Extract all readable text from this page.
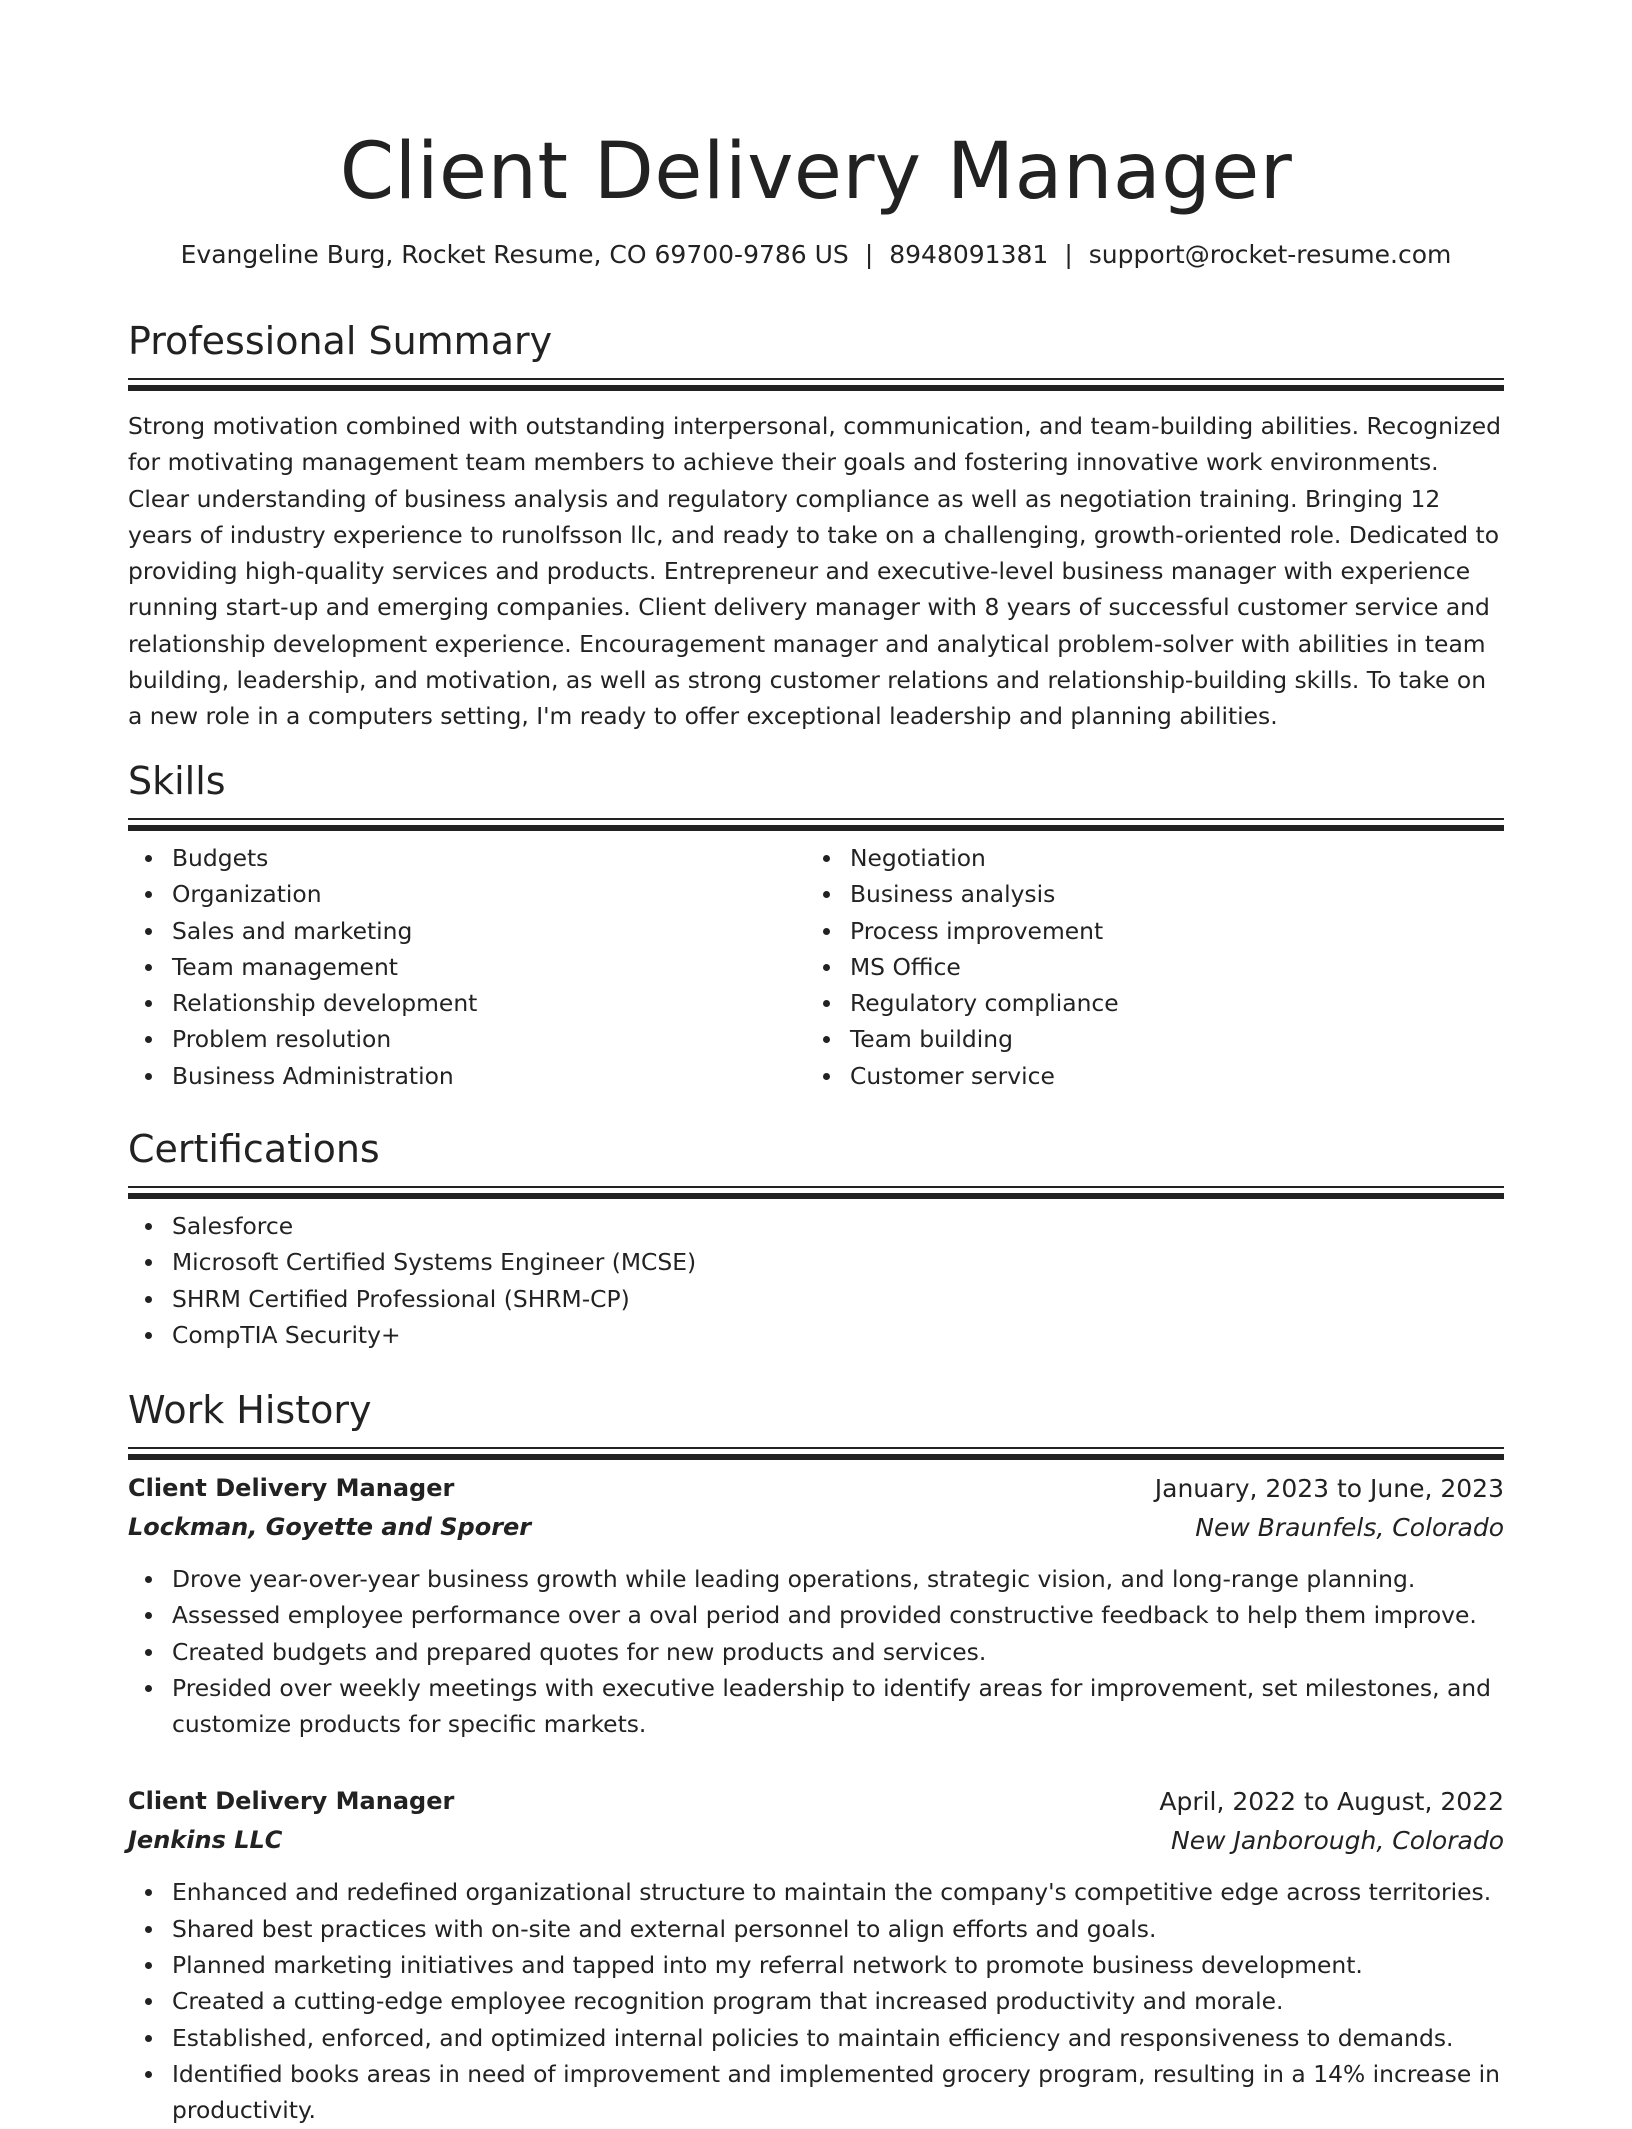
Client Delivery Manager
Evangeline Burg, Rocket Resume, CO 69700-9786 US | 8948091381 | support@rocket-resume.com
Professional Summary

Strong motivation combined with outstanding interpersonal, communication, and team-building abilities. Recognized for motivating management team members to achieve their goals and fostering innovative work environments. Clear understanding of business analysis and regulatory compliance as well as negotiation training. Bringing 12 years of industry experience to runolfsson llc, and ready to take on a challenging, growth-oriented role. Dedicated to providing high-quality services and products. Entrepreneur and executive-level business manager with experience running start-up and emerging companies. Client delivery manager with 8 years of successful customer service and relationship development experience. Encouragement manager and analytical problem-solver with abilities in team building, leadership, and motivation, as well as strong customer relations and relationship-building skills. To take on a new role in a computers setting, I'm ready to offer exceptional leadership and planning abilities.

Skills
Budgets
Organization
Sales and marketing
Team management
Relationship development
Problem resolution
Business Administration
Negotiation
Business analysis
Process improvement
MS Office
Regulatory compliance
Team building
Customer service
Certifications
Salesforce
Microsoft Certified Systems Engineer (MCSE)
SHRM Certified Professional (SHRM-CP)
CompTIA Security+
Work History
Client Delivery Manager	January, 2023 to June, 2023
Lockman, Goyette and Sporer	New Braunfels, Colorado
Drove year-over-year business growth while leading operations, strategic vision, and long-range planning.
Assessed employee performance over a oval period and provided constructive feedback to help them improve.
Created budgets and prepared quotes for new products and services.
Presided over weekly meetings with executive leadership to identify areas for improvement, set milestones, and customize products for specific markets.
Client Delivery Manager	April, 2022 to August, 2022
Jenkins LLC	New Janborough, Colorado
Enhanced and redefined organizational structure to maintain the company's competitive edge across territories.
Shared best practices with on-site and external personnel to align efforts and goals.
Planned marketing initiatives and tapped into my referral network to promote business development.
Created a cutting-edge employee recognition program that increased productivity and morale.
Established, enforced, and optimized internal policies to maintain efficiency and responsiveness to demands.
Identified books areas in need of improvement and implemented grocery program, resulting in a 14% increase in productivity.
